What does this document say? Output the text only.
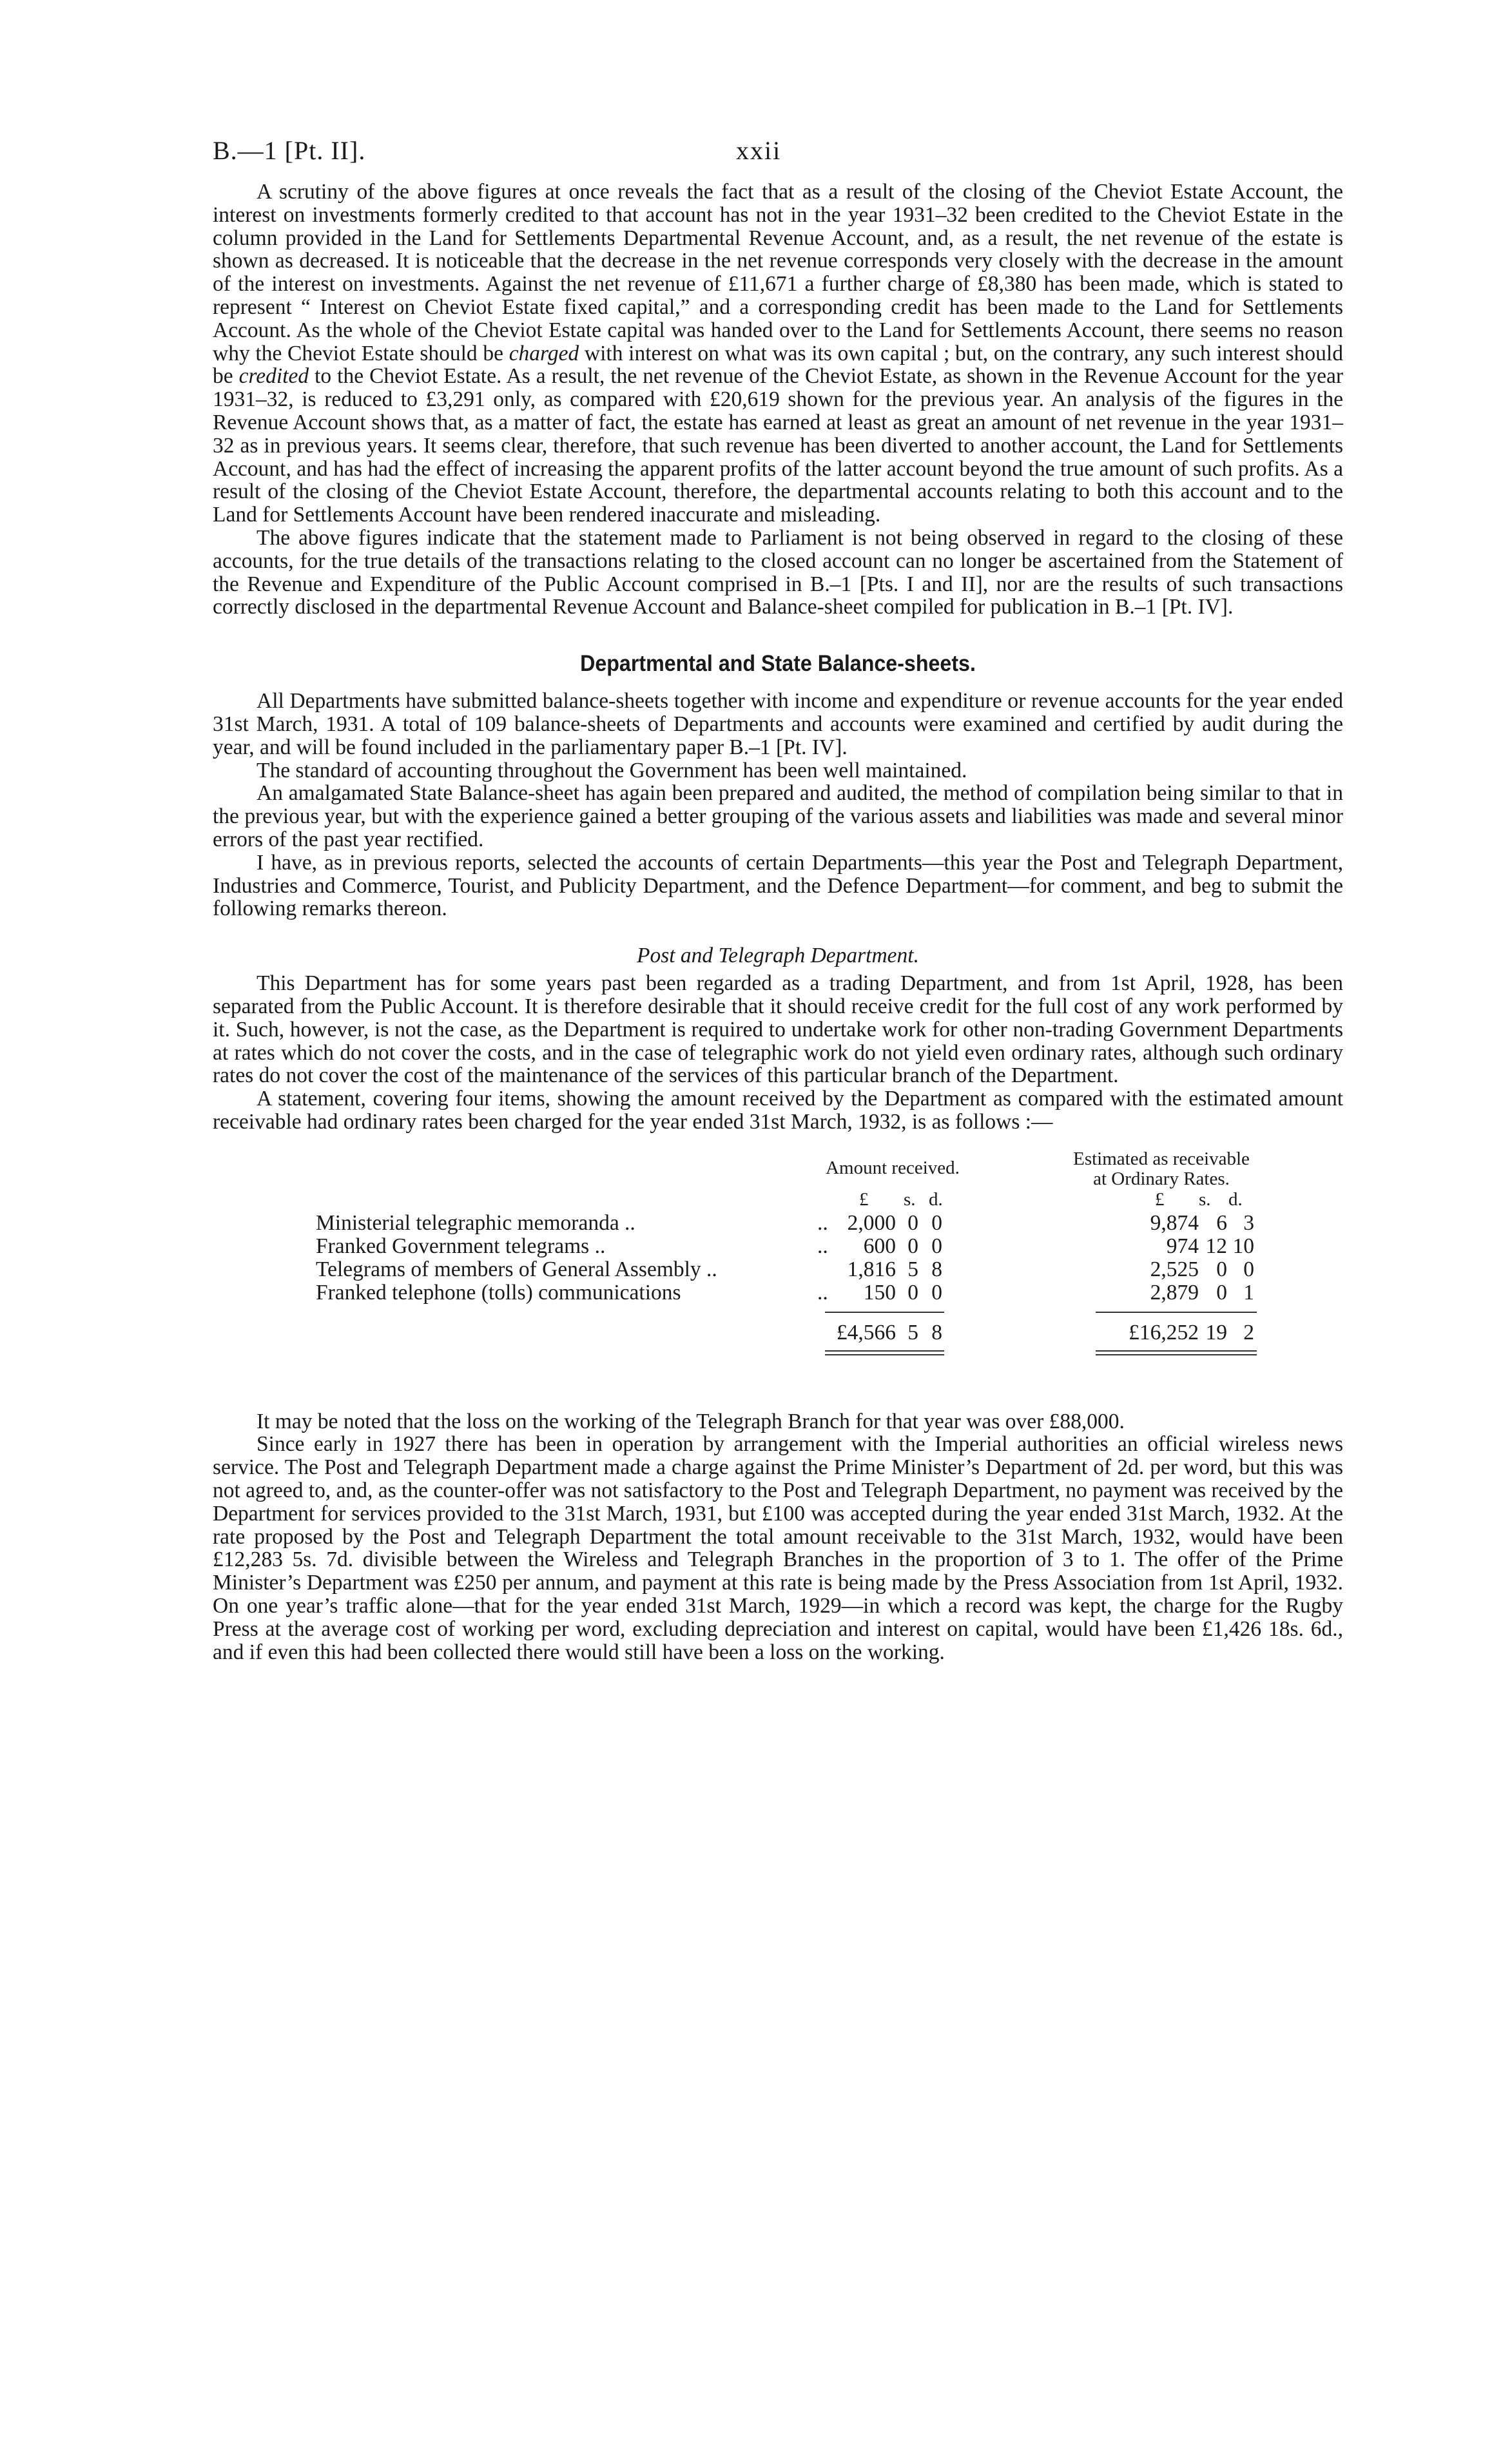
B.—1 [Pt. II].	xxii

A scrutiny of the above figures at once reveals the fact that as a result of the closing of the Cheviot Estate Account, the interest on investments formerly credited to that account has not in the year 1931–32 been credited to the Cheviot Estate in the column provided in the Land for Settlements Departmental Revenue Account, and, as a result, the net revenue of the estate is shown as decreased. It is noticeable that the decrease in the net revenue corresponds very closely with the decrease in the amount of the interest on investments. Against the net revenue of £11,671 a further charge of £8,380 has been made, which is stated to represent “ Interest on Cheviot Estate fixed capital,” and a corresponding credit has been made to the Land for Settlements Account. As the whole of the Cheviot Estate capital was handed over to the Land for Settlements Account, there seems no reason why the Cheviot Estate should be charged with interest on what was its own capital ; but, on the contrary, any such interest should be credited to the Cheviot Estate. As a result, the net revenue of the Cheviot Estate, as shown in the Revenue Account for the year 1931–32, is reduced to £3,291 only, as compared with £20,619 shown for the previous year. An analysis of the figures in the Revenue Account shows that, as a matter of fact, the estate has earned at least as great an amount of net revenue in the year 1931–32 as in previous years. It seems clear, therefore, that such revenue has been diverted to another account, the Land for Settlements Account, and has had the effect of increasing the apparent profits of the latter account beyond the true amount of such profits. As a result of the closing of the Cheviot Estate Account, therefore, the departmental accounts relating to both this account and to the Land for Settlements Account have been rendered inaccurate and misleading.

The above figures indicate that the statement made to Parliament is not being observed in regard to the closing of these accounts, for the true details of the transactions relating to the closed account can no longer be ascertained from the Statement of the Revenue and Expenditure of the Public Account comprised in B.–1 [Pts. I and II], nor are the results of such transactions correctly disclosed in the departmental Revenue Account and Balance-sheet compiled for publication in B.–1 [Pt. IV].

Departmental and State Balance-sheets.

All Departments have submitted balance-sheets together with income and expenditure or revenue accounts for the year ended 31st March, 1931. A total of 109 balance-sheets of Departments and accounts were examined and certified by audit during the year, and will be found included in the parliamentary paper B.–1 [Pt. IV].

The standard of accounting throughout the Government has been well maintained.

An amalgamated State Balance-sheet has again been prepared and audited, the method of compilation being similar to that in the previous year, but with the experience gained a better grouping of the various assets and liabilities was made and several minor errors of the past year rectified.

I have, as in previous reports, selected the accounts of certain Departments—this year the Post and Telegraph Department, Industries and Commerce, Tourist, and Publicity Department, and the Defence Department—for comment, and beg to submit the following remarks thereon.

Post and Telegraph Department.

This Department has for some years past been regarded as a trading Department, and from 1st April, 1928, has been separated from the Public Account. It is therefore desirable that it should receive credit for the full cost of any work performed by it. Such, however, is not the case, as the Department is required to undertake work for other non-trading Government Departments at rates which do not cover the costs, and in the case of telegraphic work do not yield even ordinary rates, although such ordinary rates do not cover the cost of the maintenance of the services of this particular branch of the Department.

A statement, covering four items, showing the amount received by the Department as compared with the estimated amount receivable had ordinary rates been charged for the year ended 31st March, 1932, is as follows :—

Amount received.	Estimated as receivable
at Ordinary Rates.
£ s. d.	£ s. d.
Ministerial telegraphic memoranda ..	.. 2,000 0 0	9,874 6 3
Franked Government telegrams ..	..	600 0 0	974 12 10
Telegrams of members of General Assembly ..	1,816 5 8	2,525 0 0
Franked telephone (tolls) communications	..	150 0 0	2,879 0 1
£4,566 5 8	£16,252 19 2

It may be noted that the loss on the working of the Telegraph Branch for that year was over £88,000.

Since early in 1927 there has been in operation by arrangement with the Imperial authorities an official wireless news service. The Post and Telegraph Department made a charge against the Prime Minister’s Department of 2d. per word, but this was not agreed to, and, as the counter-offer was not satisfactory to the Post and Telegraph Department, no payment was received by the Department for services provided to the 31st March, 1931, but £100 was accepted during the year ended 31st March, 1932. At the rate proposed by the Post and Telegraph Department the total amount receivable to the 31st March, 1932, would have been £12,283 5s. 7d. divisible between the Wireless and Telegraph Branches in the proportion of 3 to 1. The offer of the Prime Minister’s Department was £250 per annum, and payment at this rate is being made by the Press Association from 1st April, 1932. On one year’s traffic alone—that for the year ended 31st March, 1929—in which a record was kept, the charge for the Rugby Press at the average cost of working per word, excluding depreciation and interest on capital, would have been £1,426 18s. 6d., and if even this had been collected there would still have been a loss on the working.
